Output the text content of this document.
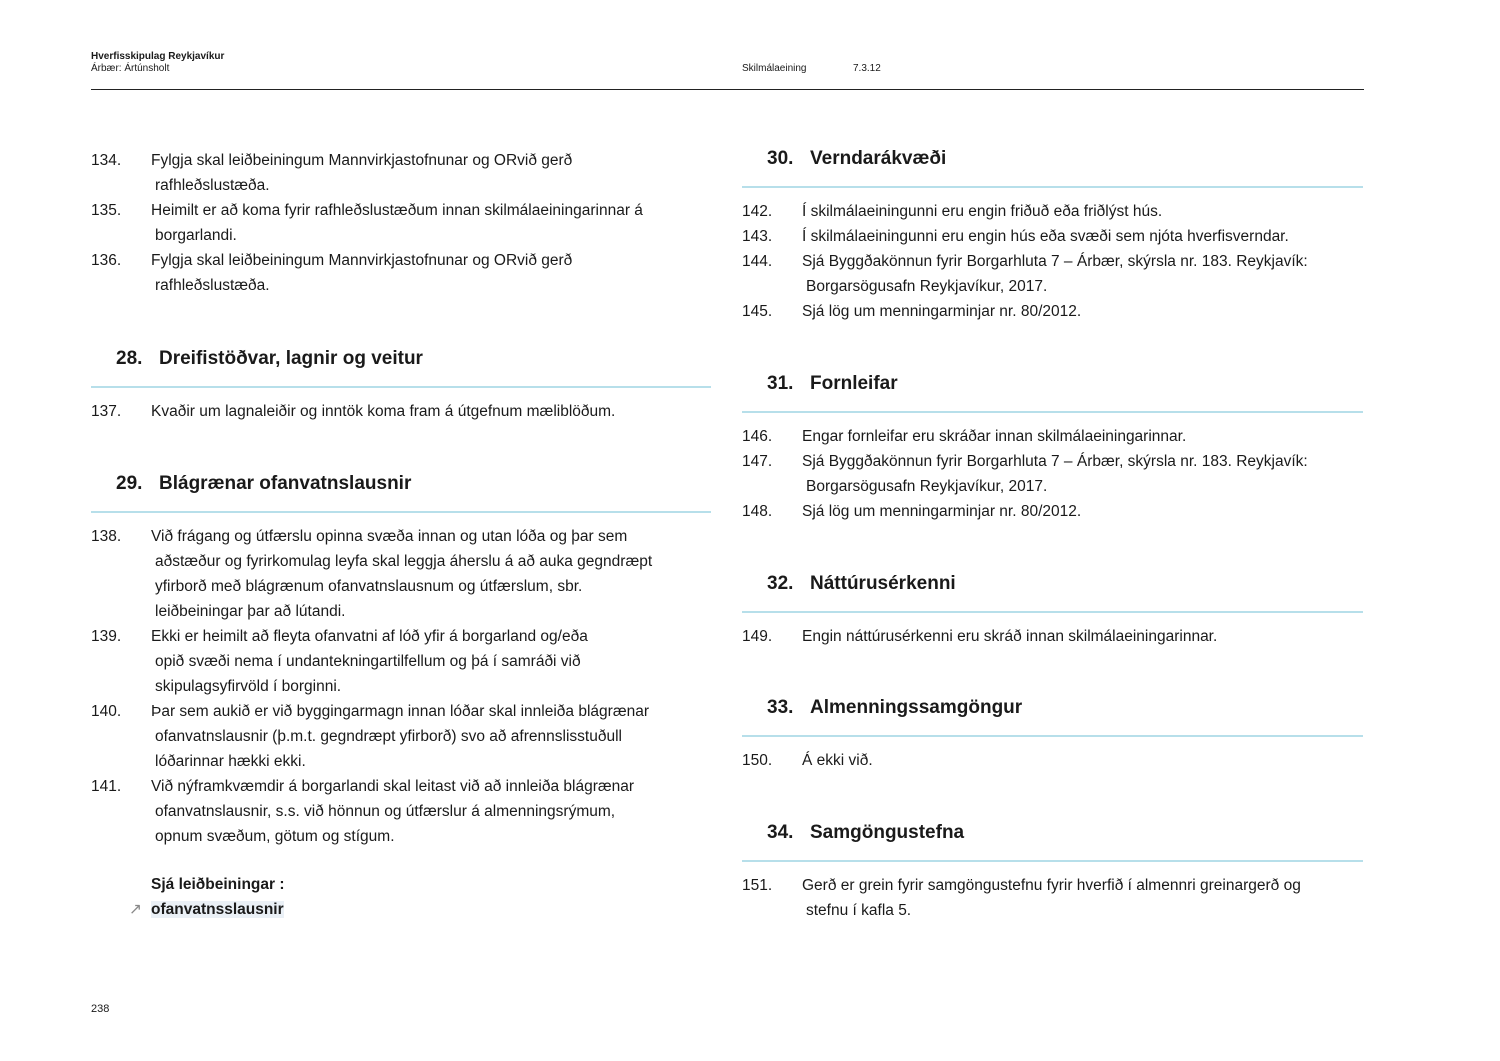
Hverfisskipulag Reykjavíkur
Árbær: Ártúnsholt	Skilmálaeining	7.3.12
134.	Fylgja skal leiðbeiningum Mannvirkjastofnunar og ORvið gerð
rafhleðslustæða.
135.	Heimilt er að koma fyrir rafhleðslustæðum innan skilmálaeiningarinnar á
borgarlandi.
136.	Fylgja skal leiðbeiningum Mannvirkjastofnunar og ORvið gerð
rafhleðslustæða.
28. Dreifistöðvar, lagnir og veitur
137.	Kvaðir um lagnaleiðir og inntök koma fram á útgefnum mæliblöðum.
29. Blágrænar ofanvatnslausnir
138.	Við frágang og útfærslu opinna svæða innan og utan lóða og þar sem
aðstæður og fyrirkomulag leyfa skal leggja áherslu á að auka gegndræpt
yfirborð með blágrænum ofanvatnslausnum og útfærslum, sbr.
leiðbeiningar þar að lútandi.
139.	Ekki er heimilt að fleyta ofanvatni af lóð yfir á borgarland og/eða
opið svæði nema í undantekningartilfellum og þá í samráði við
skipulagsyfirvöld í borginni.
140.	Þar sem aukið er við byggingarmagn innan lóðar skal innleiða blágrænar
ofanvatnslausnir (þ.m.t. gegndræpt yfirborð) svo að afrennslisstuðull
lóðarinnar hækki ekki.
141.	Við nýframkvæmdir á borgarlandi skal leitast við að innleiða blágrænar
ofanvatnslausnir, s.s. við hönnun og útfærslur á almenningsrýmum,
opnum svæðum, götum og stígum.
30. Verndarákvæði
142.	Í skilmálaeiningunni eru engin friðuð eða friðlýst hús.
143.	Í skilmálaeiningunni eru engin hús eða svæði sem njóta hverfisverndar.
144.	Sjá Byggðakönnun fyrir Borgarhluta 7 – Árbær, skýrsla nr. 183. Reykjavík:
Borgarsögusafn Reykjavíkur, 2017.
145.	Sjá lög um menningarminjar nr. 80/2012.
31. Fornleifar
146.	Engar fornleifar eru skráðar innan skilmálaeiningarinnar.
147.	Sjá Byggðakönnun fyrir Borgarhluta 7 – Árbær, skýrsla nr. 183. Reykjavík:
Borgarsögusafn Reykjavíkur, 2017.
148.	Sjá lög um menningarminjar nr. 80/2012.
32. Náttúrusérkenni
149.	Engin náttúrusérkenni eru skráð innan skilmálaeiningarinnar.
33. Almenningssamgöngur
150.	Á ekki við.
34. Samgöngustefna
151.	Gerð er grein fyrir samgöngustefnu fyrir hverfið í almennri greinargerð og
stefnu í kafla 5.
Sjá leiðbeiningar :
↗ ofanvatnsslausnir
238
